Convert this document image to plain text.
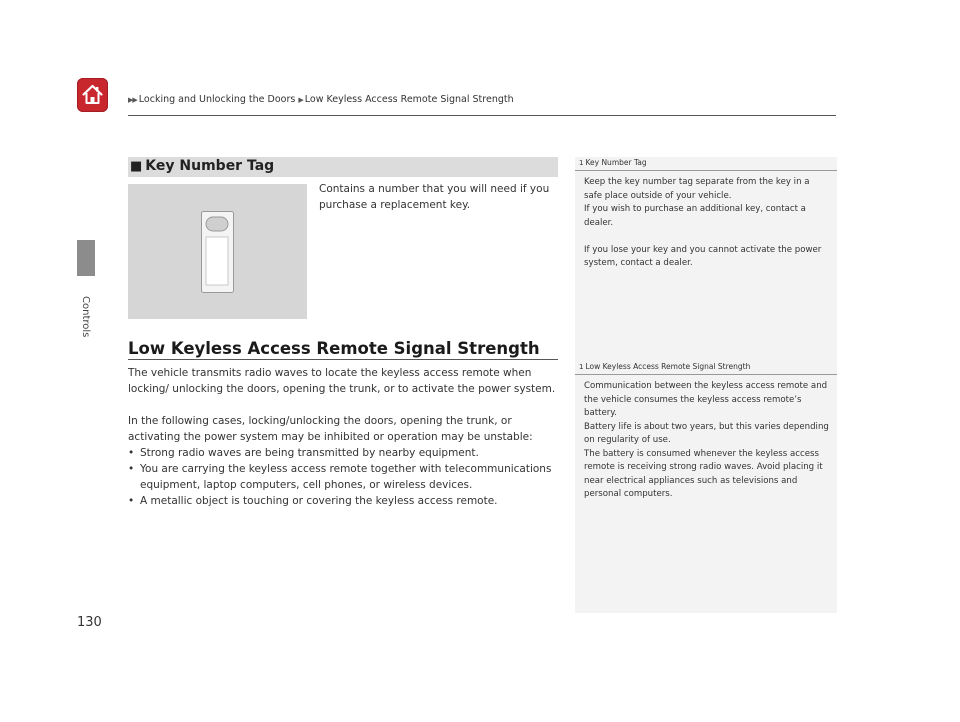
▶▶ Locking and Unlocking the Doors ▶ Low Keyless Access Remote Signal Strength
Controls
130
■ Key Number Tag
Contains a number that you will need if you purchase a replacement key.
Low Keyless Access Remote Signal Strength

The vehicle transmits radio waves to locate the keyless access remote when locking/ unlocking the doors, opening the trunk, or to activate the power system.

In the following cases, locking/unlocking the doors, opening the trunk, or activating the power system may be inhibited or operation may be unstable:

• Strong radio waves are being transmitted by nearby equipment.
• You are carrying the keyless access remote together with telecommunications equipment, laptop computers, cell phones, or wireless devices.
• A metallic object is touching or covering the keyless access remote.
1 Key Number Tag

Keep the key number tag separate from the key in a safe place outside of your vehicle.

If you wish to purchase an additional key, contact a dealer.

If you lose your key and you cannot activate the power system, contact a dealer.

1 Low Keyless Access Remote Signal Strength

Communication between the keyless access remote and the vehicle consumes the keyless access remote’s battery.

Battery life is about two years, but this varies depending on regularity of use.

The battery is consumed whenever the keyless access remote is receiving strong radio waves. Avoid placing it near electrical appliances such as televisions and personal computers.
